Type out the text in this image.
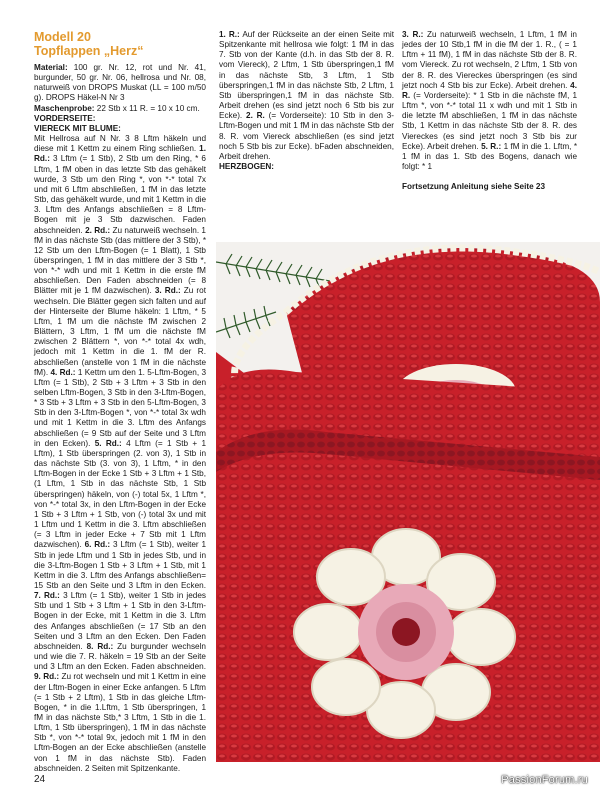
Modell 20

Topflappen „Herz“

Material: 100 gr. Nr. 12, rot und Nr. 41, burgunder, 50 gr. Nr. 06, hellrosa und Nr. 08, naturweiß von DROPS Muskat (LL = 100 m/50 g). DROPS Häkel-N Nr 3

Maschenprobe: 22 Stb x 11 R. = 10 x 10 cm.

VORDERSEITE:

VIERECK MIT BLUME:

Mit Hellrosa auf N Nr. 3 8 Lftm häkeln und diese mit 1 Kettm zu einem Ring schließen. 1. Rd.: 3 Lftm (= 1 Stb), 2 Stb um den Ring, * 6 Lftm, 1 fM oben in das letzte Stb das gehäkelt wurde, 3 Stb um den Ring *, von *-* total 7x und mit 6 Lftm abschließen, 1 fM in das letzte Stb, das gehäkelt wurde, und mit 1 Kettm in die 3. Lftm des Anfangs abschließen = 8 Lftm-Bogen mit je 3 Stb dazwischen. Faden abschneiden. 2. Rd.: Zu naturweiß wechseln. 1 fM in das nächste Stb (das mittlere der 3 Stb), * 12 Stb um den Lftm-Bogen (= 1 Blatt), 1 Stb überspringen, 1 fM in das mittlere der 3 Stb *, von *-* wdh und mit 1 Kettm in die erste fM abschließen. Den Faden abschneiden (= 8 Blätter mit je 1 fM dazwischen). 3. Rd.: Zu rot wechseln. Die Blätter gegen sich falten und auf der Hinterseite der Blume häkeln: 1 Lftm, * 5 Lftm, 1 fM um die nächste fM zwischen 2 Blättern, 3 Lftm, 1 fM um die nächste fM zwischen 2 Blättern *, von *-* total 4x wdh, jedoch mit 1 Kettm in die 1. fM der R. abschließen (anstelle von 1 fM in die nächste fM). 4. Rd.: 1 Kettm um den 1. 5-Lftm-Bogen, 3 Lftm (= 1 Stb), 2 Stb + 3 Lftm + 3 Stb in den selben Lftm-Bogen, 3 Stb in den 3-Lftm-Bogen, * 3 Stb + 3 Lftm + 3 Stb in den 5-Lftm-Bogen, 3 Stb in den 3-Lftm-Bogen *, von *-* total 3x wdh und mit 1 Kettm in die 3. Lftm des Anfangs abschließen (= 9 Stb auf der Seite und 3 Lftm in den Ecken). 5. Rd.: 4 Lftm (= 1 Stb + 1 Lftm), 1 Stb überspringen (2. von 3), 1 Stb in das nächste Stb (3. von 3), 1 Lftm, * in den Lftm-Bogen in der Ecke 1 Stb + 3 Lftm + 1 Stb,(1 Lftm, 1 Stb in das nächste Stb, 1 Stb überspringen) häkeln, von (-) total 5x, 1 Lftm *, von *-* total 3x, in den Lftm-Bogen in der Ecke 1 Stb + 3 Lftm + 1 Stb, von (-) total 3x und mit 1 Lftm und 1 Kettm in die 3. Lftm abschließen (= 3 Lftm in jeder Ecke + 7 Stb mit 1 Lftm dazwischen). 6. Rd.: 3 Lftm (= 1 Stb), weiter 1 Stb in jede Lftm und 1 Stb in jedes Stb, und in die 3-Lftm-Bogen 1 Stb + 3 Lftm + 1 Stb, mit 1 Kettm in die 3. Lftm des Anfangs abschließen= 15 Stb an den Seite und 3 Lftm in den Ecken. 7. Rd.: 3 Lftm (= 1 Stb), weiter 1 Stb in jedes Stb und 1 Stb + 3 Lftm + 1 Stb in den 3-Lftm-Bogen in der Ecke, mit 1 Kettm in die 3. Lftm des Anfanges abschließen (= 17 Stb an den Seiten und 3 Lftm an den Ecken. Den Faden abschneiden. 8. Rd.: Zu burgunder wechseln und wie die 7. R. häkeln = 19 Stb an der Seite und 3 Lftm an den Ecken. Faden abschneiden. 9. Rd.: Zu rot wechseln und mit 1 Kettm in eine der Lftm-Bogen in einer Ecke anfangen. 5 Lftm (= 1 Stb + 2 Lftm), 1 Stb in das gleiche Lftm-Bogen, * in die 1.Lftm, 1 Stb überspringen, 1 fM in das nächste Stb,* 3 Lftm, 1 Stb in die 1. Lftm, 1 Stb überspringen), 1 fM in das nächste Stb *, von *-* total 9x, jedoch mit 1 fM in den Lftm-Bogen an der Ecke abschließen (anstelle von 1 fM in das nächste Stb). Faden abschneiden. 2 Seiten mit Spitzenkante.

1. R.: Auf der Rückseite an der einen Seite mit Spitzenkante mit hellrosa wie folgt: 1 fM in das 7. Stb von der Kante (d.h. in das Stb der 8. R. vom Viereck), 2 Lftm, 1 Stb überspringen,1 fM in das nächste Stb, 3 Lftm, 1 Stb überspringen,1 fM in das nächste Stb, 2 Lftm, 1 Stb überspringen,1 fM in das nächste Stb. Arbeit drehen (es sind jetzt noch 6 Stb bis zur Ecke). 2. R. (= Vorderseite): 10 Stb in den 3-Lftm-Bogen und mit 1 fM in das nächste Stb der 8. R. vom Viereck abschließen (es sind jetzt noch 5 Stb bis zur Ecke). bFaden abschneiden, Arbeit drehen.

HERZBOGEN:

3. R.: Zu naturweiß wechseln, 1 Lftm, 1 fM in jedes der 10 Stb,1 fM in die fM der 1. R., ( = 1 Lftm + 11 fM), 1 fM in das nächste Stb der 8. R. vom Viereck. Zu rot wechseln, 2 Lftm, 1 Stb von der 8. R. des Viereckes überspringen (es sind jetzt noch 4 Stb bis zur Ecke). Arbeit drehen. 4. R. (= Vorderseite): * 1 Stb in die nächste fM, 1 Lftm *, von *-* total 11 x wdh und mit 1 Stb in die letzte fM abschließen, 1 fM in das nächste Stb, 1 Kettm in das nächste Stb der 8. R. des Viereckes (es sind jetzt noch 3 Stb bis zur Ecke). Arbeit drehen. 5. R.: 1 fM in die 1. Lftm, * 1 fM in das 1. Stb des Bogens, danach wie folgt: * 1

Fortsetzung Anleitung siehe Seite 23

24	PassionForum.ru
